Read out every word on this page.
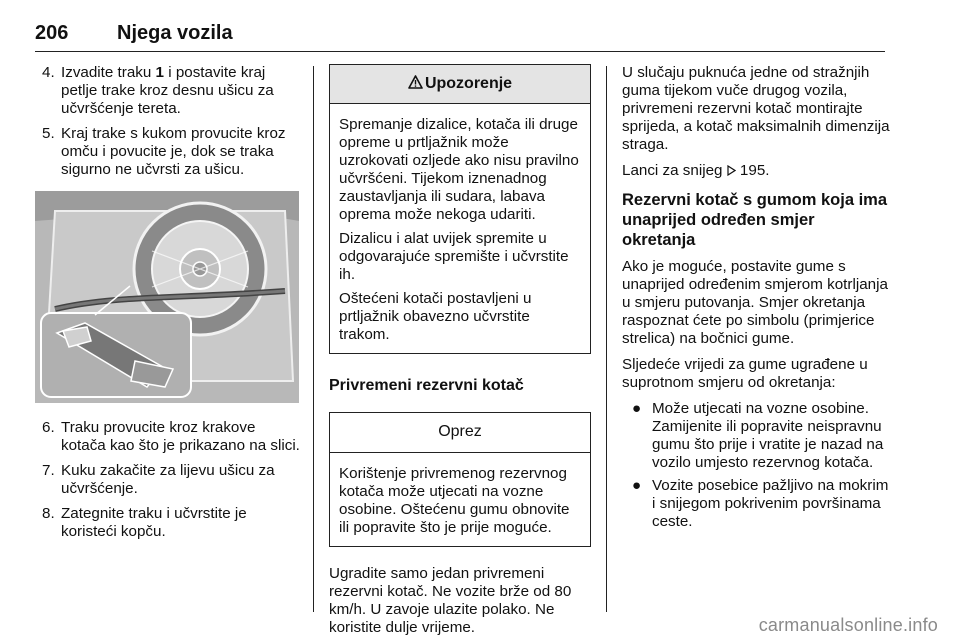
206 Njega vozila
4. Izvadite traku 1 i postavite kraj petlje trake kroz desnu ušicu za učvršćenje tereta.
5. Kraj trake s kukom provucite kroz omču i povucite je, dok se traka sigurno ne učvrsti za ušicu.
6. Traku provucite kroz krakove kotača kao što je prikazano na slici.
7. Kuku zakačite za lijevu ušicu za učvršćenje.
8. Zategnite traku i učvrstite je koristeći kopču.
Upozorenje

Spremanje dizalice, kotača ili druge opreme u prtljažnik može uzrokovati ozljede ako nisu pravilno učvršćeni. Tijekom iznenadnog zaustavljanja ili sudara, labava oprema može nekoga udariti.

Dizalicu i alat uvijek spremite u odgovarajuće spremište i učvrstite ih.

Oštećeni kotači postavljeni u prtljažnik obavezno učvrstite trakom.

Privremeni rezervni kotač
Oprez

Korištenje privremenog rezervnog kotača može utjecati na vozne osobine. Oštećenu gumu obnovite ili popravite što je prije moguće.

Ugradite samo jedan privremeni rezervni kotač. Ne vozite brže od 80 km/h. U zavoje ulazite polako. Ne koristite dulje vrijeme.

U slučaju puknuća jedne od stražnjih guma tijekom vuče drugog vozila, privremeni rezervni kotač montirajte sprijeda, a kotač maksimalnih dimenzija straga.

Lanci za snijeg  195.

Rezervni kotač s gumom koja ima unaprijed određen smjer okretanja

Ako je moguće, postavite gume s unaprijed određenim smjerom kotrljanja u smjeru putovanja. Smjer okretanja raspoznat ćete po simbolu (primjerice strelica) na bočnici gume.

Sljedeće vrijedi za gume ugrađene u suprotnom smjeru od okretanja:

● Može utjecati na vozne osobine. Zamijenite ili popravite neispravnu gumu što prije i vratite je nazad na vozilo umjesto rezervnog kotača.
● Vozite posebice pažljivo na mokrim i snijegom pokrivenim površinama ceste.
carmanualsonline.info
